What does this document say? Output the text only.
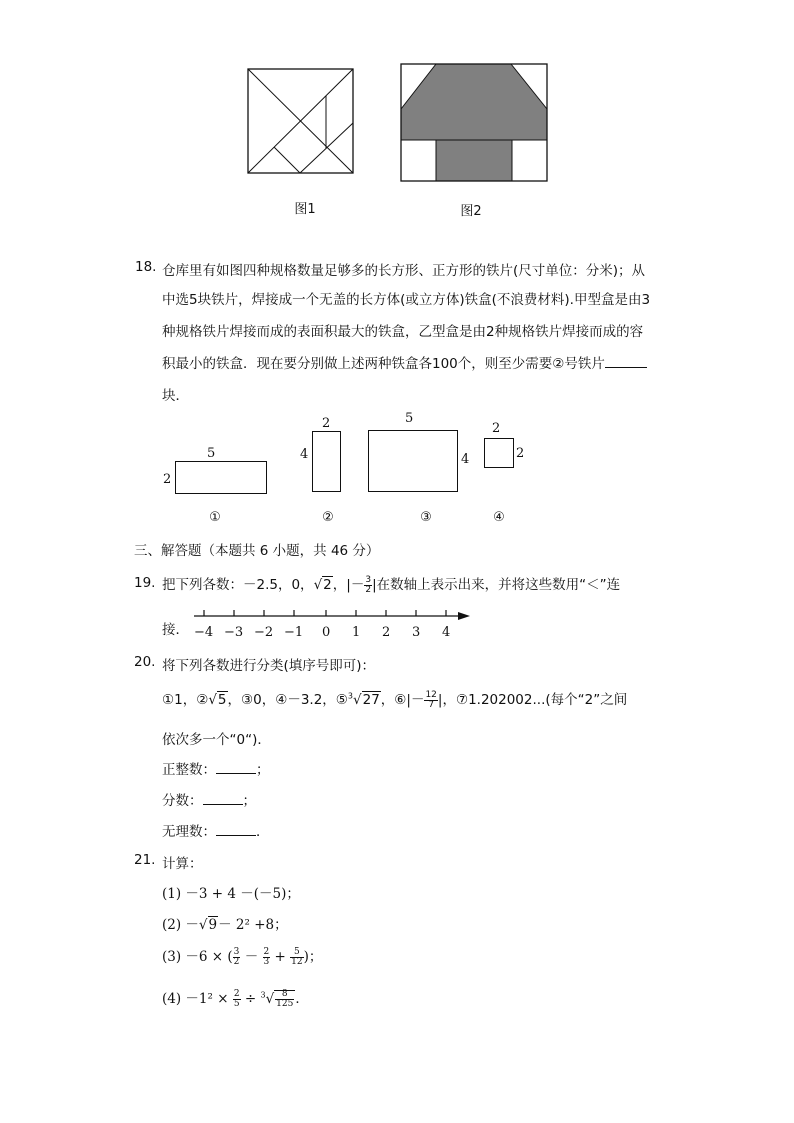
图1	图2
18. 仓库里有如图四种规格数量足够多的长方形、正方形的铁片(尺寸单位：分米)；从
中选5块铁片，焊接成一个无盖的长方体(或立方体)铁盒(不浪费材料).甲型盒是由3
种规格铁片焊接而成的表面积最大的铁盒，乙型盒是由2种规格铁片焊接而成的容
积最小的铁盒．现在要分别做上述两种铁盒各100个，则至少需要②号铁片
块．
5
2
①
2
4
②
5
4
③
2
2
④
三、解答题（本题共 6 小题，共 46 分）
19. 把下列各数：－2.5，0，√2，|－ $\frac{3}{2}$ |在数轴上表示出来，并将这些数用“＜”连
接． −4 −3 −2 −1 0 1 2 3 4
20. 将下列各数进行分类(填序号即可)：
①1，②√5，③0，④－3.2，⑤$^3$√27，⑥|－ $\frac{12}{7}$ |，⑦1.202002...(每个“2”之间
依次多一个“0“)．
正整数：	；
分数：	；
无理数：	．
21. 计算：
(1) －3 + 4 －(－5)；
(2) －√9－ 2² +8；
(3) －6 × ( $\frac{3}{2} - \frac{2}{3} + \frac{5}{12}$ )；
$(4) -1^2 \times \frac{2}{5} \div ^3√ \frac{8}{125}$ ．
